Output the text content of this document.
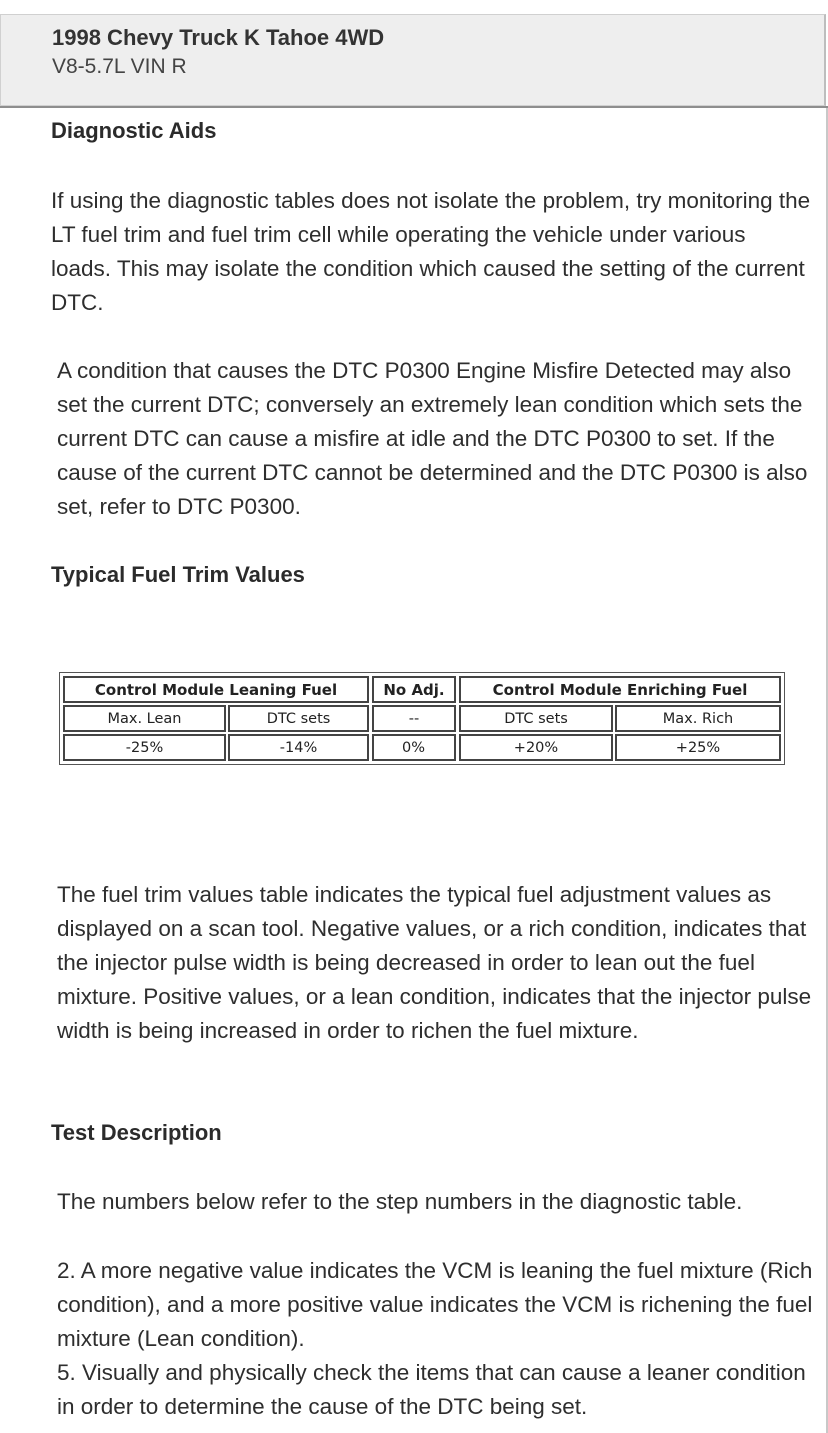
1998 Chevy Truck K Tahoe 4WD
V8-5.7L VIN R
Diagnostic Aids

If using the diagnostic tables does not isolate the problem, try monitoring the LT fuel trim and fuel trim cell while operating the vehicle under various loads. This may isolate the condition which caused the setting of the current DTC.

A condition that causes the DTC P0300 Engine Misfire Detected may also set the current DTC; conversely an extremely lean condition which sets the current DTC can cause a misfire at idle and the DTC P0300 to set. If the cause of the current DTC cannot be determined and the DTC P0300 is also set, refer to DTC P0300.

Typical Fuel Trim Values
Control Module Leaning Fuel	No Adj.	Control Module Enriching Fuel
Max. Lean	DTC sets	--	DTC sets	Max. Rich
-25%	-14%	0%	+20%	+25%

The fuel trim values table indicates the typical fuel adjustment values as displayed on a scan tool. Negative values, or a rich condition, indicates that the injector pulse width is being decreased in order to lean out the fuel mixture. Positive values, or a lean condition, indicates that the injector pulse width is being increased in order to richen the fuel mixture.

Test Description

The numbers below refer to the step numbers in the diagnostic table.

2. A more negative value indicates the VCM is leaning the fuel mixture (Rich condition), and a more positive value indicates the VCM is richening the fuel mixture (Lean condition).

5. Visually and physically check the items that can cause a leaner condition in order to determine the cause of the DTC being set.
